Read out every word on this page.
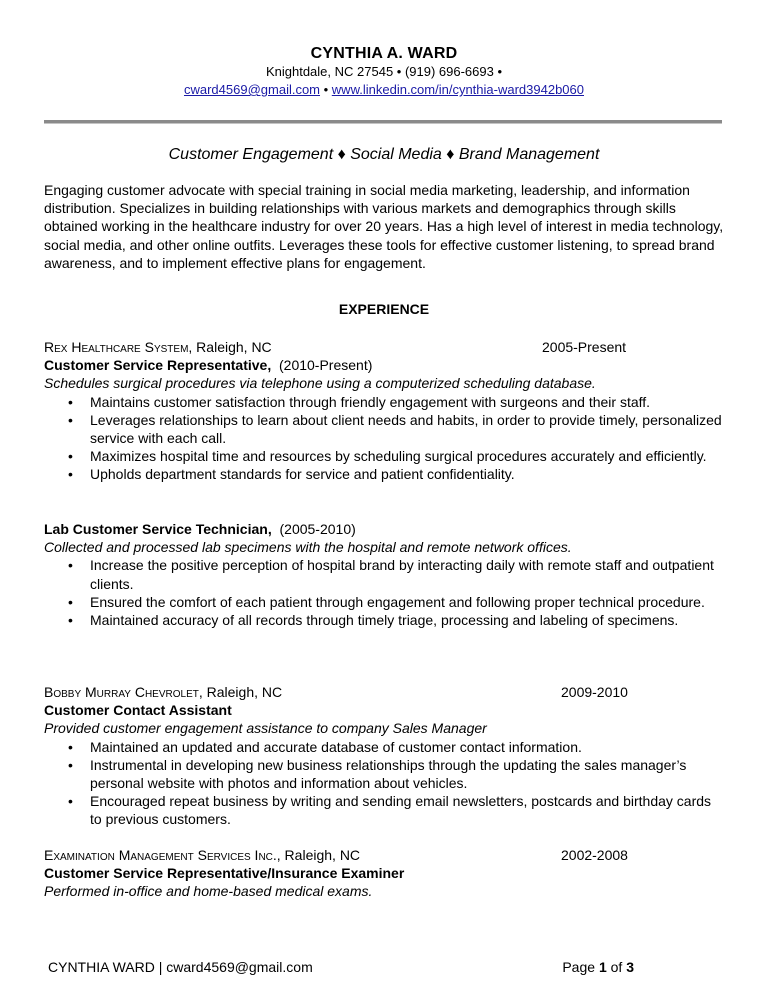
CYNTHIA A. WARD
Knightdale, NC 27545 • (919) 696-6693 •
cward4569@gmail.com • www.linkedin.com/in/cynthia-ward3942b060
Customer Engagement ♦ Social Media ♦ Brand Management
Engaging customer advocate with special training in social media marketing, leadership, and information distribution. Specializes in building relationships with various markets and demographics through skills obtained working in the healthcare industry for over 20 years. Has a high level of interest in media technology, social media, and other online outfits. Leverages these tools for effective customer listening, to spread brand awareness, and to implement effective plans for engagement.
EXPERIENCE
Rex Healthcare System, Raleigh, NC	2005-Present
Customer Service Representative, (2010-Present)
Schedules surgical procedures via telephone using a computerized scheduling database.
• Maintains customer satisfaction through friendly engagement with surgeons and their staff.
• Leverages relationships to learn about client needs and habits, in order to provide timely, personalized service with each call.
• Maximizes hospital time and resources by scheduling surgical procedures accurately and efficiently.
• Upholds department standards for service and patient confidentiality.
Lab Customer Service Technician, (2005-2010)
Collected and processed lab specimens with the hospital and remote network offices.
• Increase the positive perception of hospital brand by interacting daily with remote staff and outpatient clients.
• Ensured the comfort of each patient through engagement and following proper technical procedure.
• Maintained accuracy of all records through timely triage, processing and labeling of specimens.
Bobby Murray Chevrolet, Raleigh, NC	2009-2010
Customer Contact Assistant
Provided customer engagement assistance to company Sales Manager
• Maintained an updated and accurate database of customer contact information.
• Instrumental in developing new business relationships through the updating the sales manager’s personal website with photos and information about vehicles.
• Encouraged repeat business by writing and sending email newsletters, postcards and birthday cards to previous customers.
Examination Management Services Inc., Raleigh, NC	2002-2008
Customer Service Representative/Insurance Examiner
Performed in-office and home-based medical exams.
CYNTHIA WARD | cward4569@gmail.com	Page 1 of 3
